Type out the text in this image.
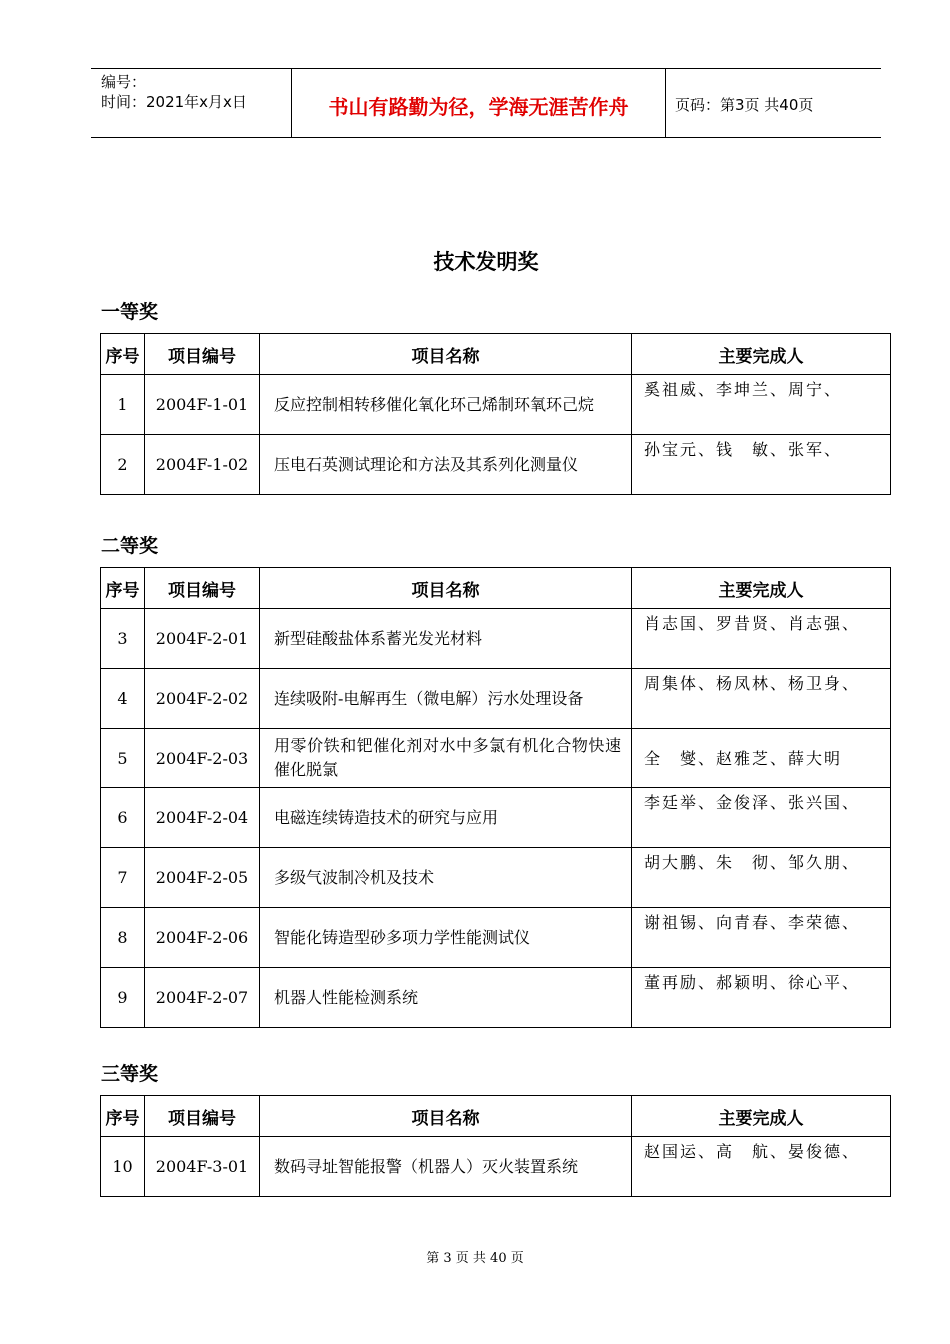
编号：
时间：2021年x月x日	书山有路勤为径，学海无涯苦作舟	页码：第3页 共40页
技术发明奖
一等奖
序号	项目编号	项目名称	主要完成人
1	2004F-1-01	反应控制相转移催化氧化环己烯制环氧环己烷	奚祖威、李坤兰、周宁、

2	2004F-1-02	压电石英测试理论和方法及其系列化测量仪	孙宝元、钱　敏、张军、
二等奖
序号	项目编号	项目名称	主要完成人
3	2004F-2-01	新型硅酸盐体系蓄光发光材料	肖志国、罗昔贤、肖志强、

4	2004F-2-02	连续吸附-电解再生（微电解）污水处理设备	周集体、杨凤林、杨卫身、

5	2004F-2-03	用零价铁和钯催化剂对水中多氯有机化合物快速催化脱氯	全　燮、赵雅芝、薛大明

6	2004F-2-04	电磁连续铸造技术的研究与应用	李廷举、金俊泽、张兴国、

7	2004F-2-05	多级气波制冷机及技术	胡大鹏、朱　彻、邹久朋、

8	2004F-2-06	智能化铸造型砂多项力学性能测试仪	谢祖锡、向青春、李荣德、

9	2004F-2-07	机器人性能检测系统	董再励、郝颖明、徐心平、
三等奖
序号	项目编号	项目名称	主要完成人
10	2004F-3-01	数码寻址智能报警（机器人）灭火装置系统	赵国运、高　航、晏俊德、
第 3 页 共 40 页
